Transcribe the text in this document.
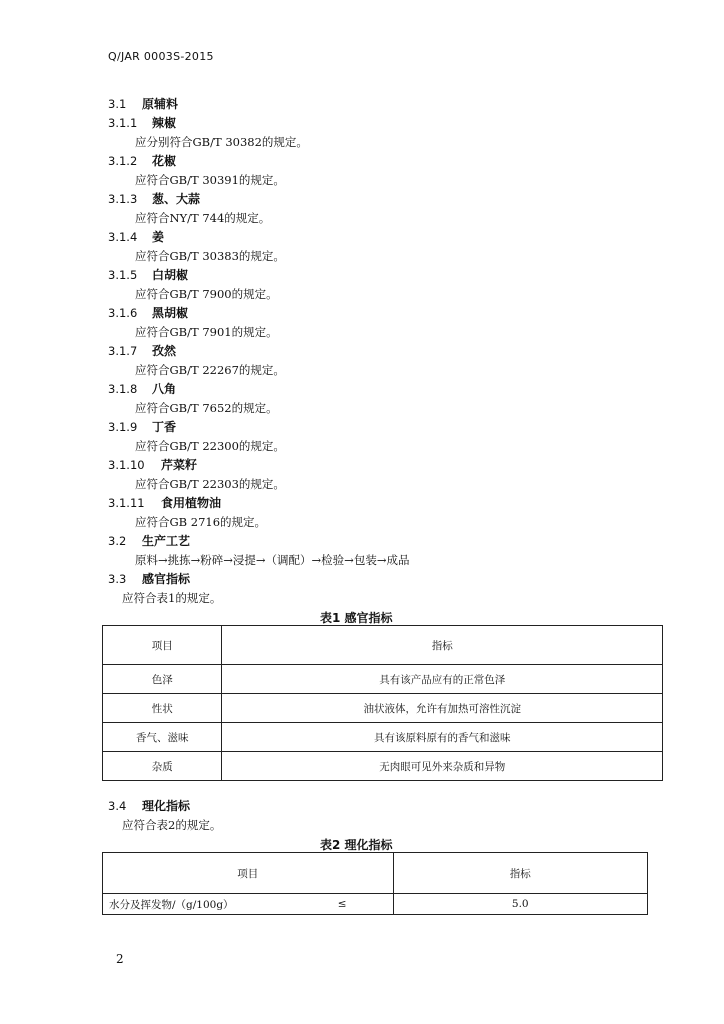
Q/JAR 0003S-2015
3.1 原辅料
3.1.1 辣椒
应分别符合GB/T 30382的规定。
3.1.2 花椒
应符合GB/T 30391的规定。
3.1.3 葱、大蒜
应符合NY/T 744的规定。
3.1.4 姜
应符合GB/T 30383的规定。
3.1.5 白胡椒
应符合GB/T 7900的规定。
3.1.6 黑胡椒
应符合GB/T 7901的规定。
3.1.7 孜然
应符合GB/T 22267的规定。
3.1.8 八角
应符合GB/T 7652的规定。
3.1.9 丁香
应符合GB/T 22300的规定。
3.1.10 芹菜籽
应符合GB/T 22303的规定。
3.1.11 食用植物油
应符合GB 2716的规定。
3.2 生产工艺
原料→挑拣→粉碎→浸提→（调配）→检验→包装→成品
3.3 感官指标
应符合表1的规定。
表1 感官指标
项目	指标
色泽	具有该产品应有的正常色泽
性状	油状液体，允许有加热可溶性沉淀
香气、滋味	具有该原料原有的香气和滋味
杂质	无肉眼可见外来杂质和异物
3.4 理化指标
应符合表2的规定。
表2 理化指标
项目	指标
水分及挥发物/（g/100g） ≤	5.0
2
